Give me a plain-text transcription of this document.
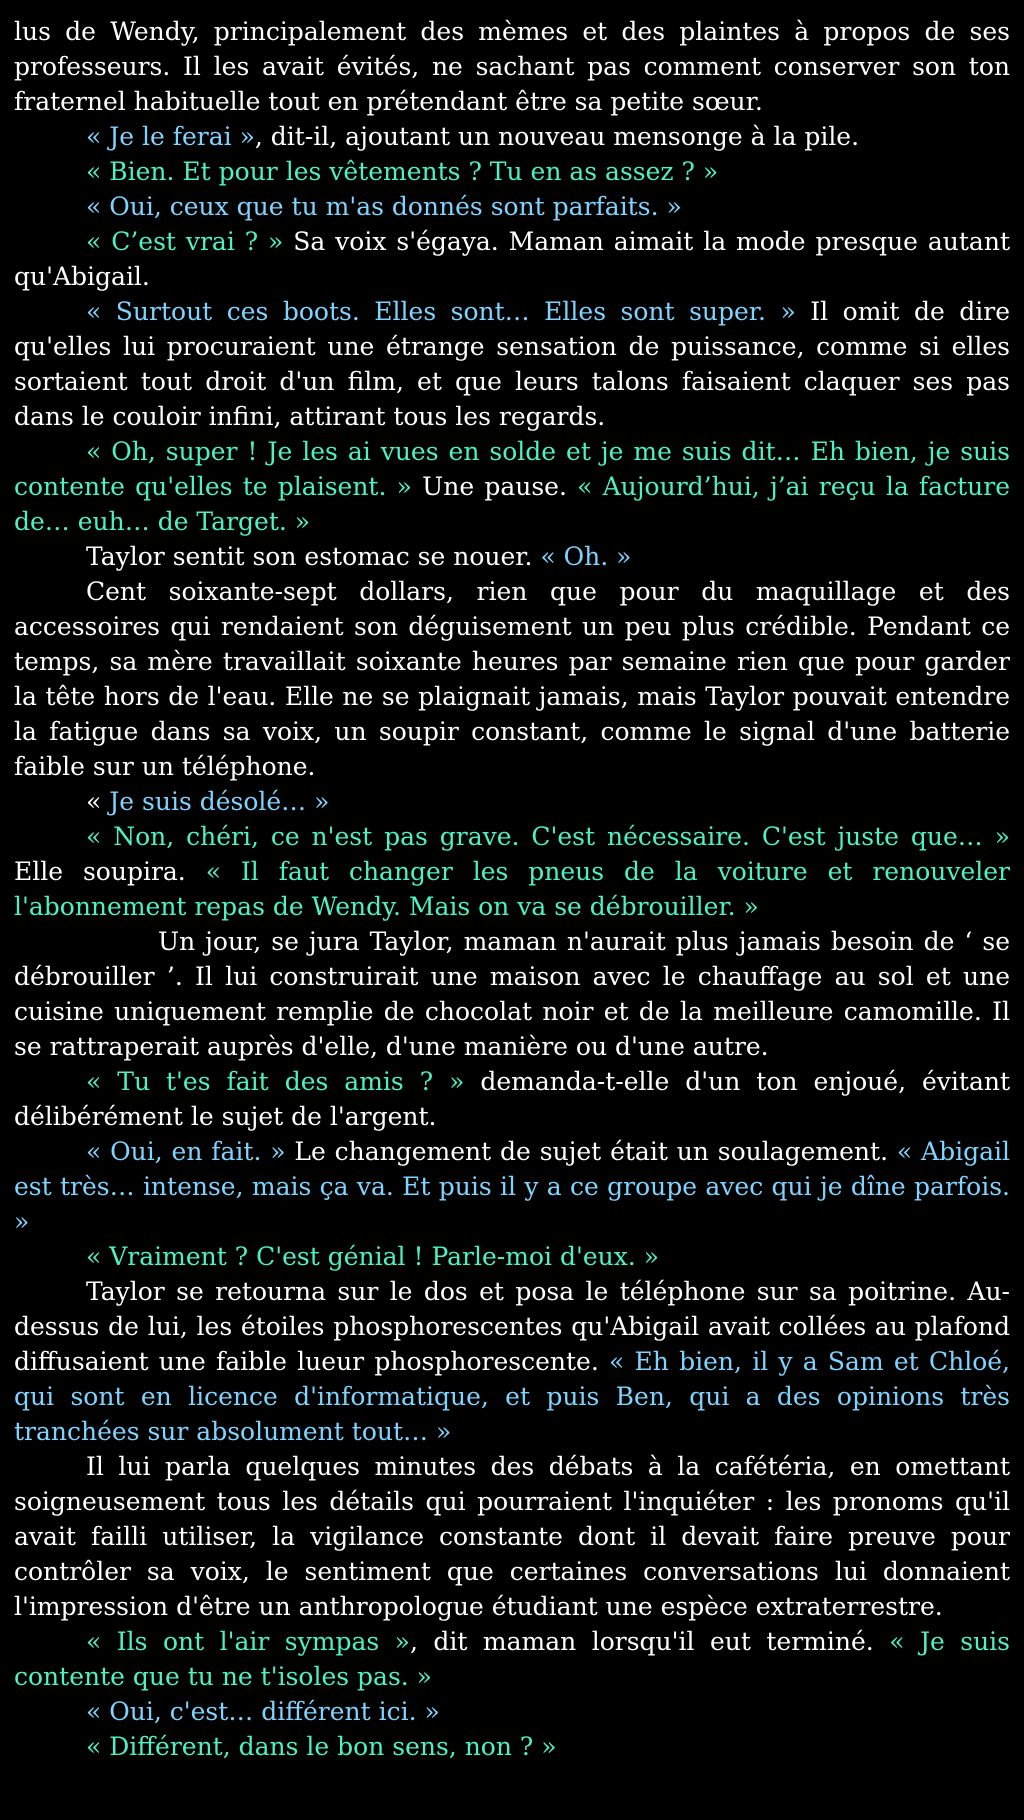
lus de Wendy, principalement des mèmes et des plaintes à propos de ses professeurs. Il les avait évités, ne sachant pas comment conserver son ton fraternel habituelle tout en prétendant être sa petite sœur.

« Je le ferai », dit-il, ajoutant un nouveau mensonge à la pile.

« Bien. Et pour les vêtements ? Tu en as assez ? »

« Oui, ceux que tu m'as donnés sont parfaits. »

« C’est vrai ? » Sa voix s'égaya. Maman aimait la mode presque autant qu'Abigail.

« Surtout ces boots. Elles sont… Elles sont super. » Il omit de dire qu'elles lui procuraient une étrange sensation de puissance, comme si elles sortaient tout droit d'un film, et que leurs talons faisaient claquer ses pas dans le couloir infini, attirant tous les regards.

« Oh, super ! Je les ai vues en solde et je me suis dit… Eh bien, je suis contente qu'elles te plaisent. » Une pause. « Aujourd’hui, j’ai reçu la facture de… euh… de Target. »

Taylor sentit son estomac se nouer. « Oh. »

Cent soixante-sept dollars, rien que pour du maquillage et des accessoires qui rendaient son déguisement un peu plus crédible. Pendant ce temps, sa mère travaillait soixante heures par semaine rien que pour garder la tête hors de l'eau. Elle ne se plaignait jamais, mais Taylor pouvait entendre la fatigue dans sa voix, un soupir constant, comme le signal d'une batterie faible sur un téléphone.

« Je suis désolé… »

« Non, chéri, ce n'est pas grave. C'est nécessaire. C'est juste que… » Elle soupira. « Il faut changer les pneus de la voiture et renouveler l'abonnement repas de Wendy. Mais on va se débrouiller. »

Un jour, se jura Taylor, maman n'aurait plus jamais besoin de ‘ se débrouiller ’. Il lui construirait une maison avec le chauffage au sol et une cuisine uniquement remplie de chocolat noir et de la meilleure camomille. Il se rattraperait auprès d'elle, d'une manière ou d'une autre.

« Tu t'es fait des amis ? » demanda-t-elle d'un ton enjoué, évitant délibérément le sujet de l'argent.

« Oui, en fait. » Le changement de sujet était un soulagement. « Abigail est très… intense, mais ça va. Et puis il y a ce groupe avec qui je dîne parfois. »

« Vraiment ? C'est génial ! Parle-moi d'eux. »

Taylor se retourna sur le dos et posa le téléphone sur sa poitrine. Au-dessus de lui, les étoiles phosphorescentes qu'Abigail avait collées au plafond diffusaient une faible lueur phosphorescente. « Eh bien, il y a Sam et Chloé, qui sont en licence d'informatique, et puis Ben, qui a des opinions très tranchées sur absolument tout… »

Il lui parla quelques minutes des débats à la cafétéria, en omettant soigneusement tous les détails qui pourraient l'inquiéter : les pronoms qu'il avait failli utiliser, la vigilance constante dont il devait faire preuve pour contrôler sa voix, le sentiment que certaines conversations lui donnaient l'impression d'être un anthropologue étudiant une espèce extraterrestre.

« Ils ont l'air sympas », dit maman lorsqu'il eut terminé. « Je suis contente que tu ne t'isoles pas. »

« Oui, c'est… différent ici. »

« Différent, dans le bon sens, non ? »
